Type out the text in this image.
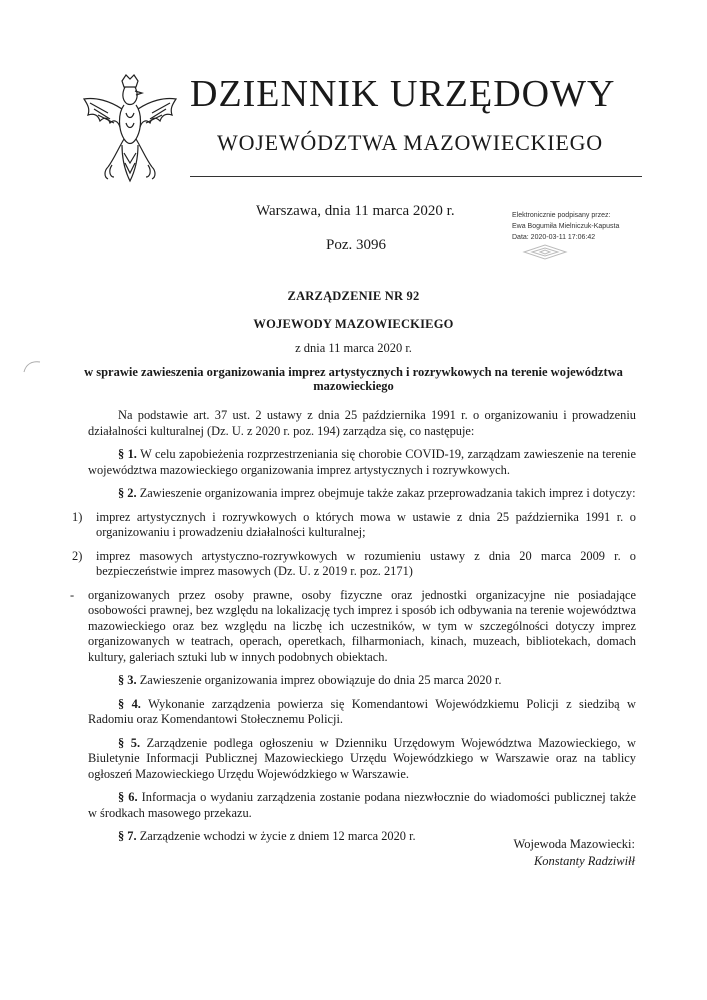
DZIENNIK URZĘDOWY
WOJEWÓDZTWA MAZOWIECKIEGO
Warszawa, dnia 11 marca 2020 r.
Poz. 3096
Elektronicznie podpisany przez:
Ewa Bogumiła Mielniczuk-Kapusta
Data: 2020-03-11 17:06:42
ZARZĄDZENIE NR 92
WOJEWODY MAZOWIECKIEGO
z dnia 11 marca 2020 r.
w sprawie zawieszenia organizowania imprez artystycznych i rozrywkowych na terenie województwa mazowieckiego

Na podstawie art. 37 ust. 2 ustawy z dnia 25 października 1991 r. o organizowaniu i prowadzeniu działalności kulturalnej (Dz. U. z 2020 r. poz. 194) zarządza się, co następuje:

§ 1. W celu zapobieżenia rozprzestrzeniania się chorobie COVID-19, zarządzam zawieszenie na terenie województwa mazowieckiego organizowania imprez artystycznych i rozrywkowych.

§ 2. Zawieszenie organizowania imprez obejmuje także zakaz przeprowadzania takich imprez i dotyczy:

1) imprez artystycznych i rozrywkowych o których mowa w ustawie z dnia 25 października 1991 r. o organizowaniu i prowadzeniu działalności kulturalnej;
2) imprez masowych artystyczno-rozrywkowych w rozumieniu ustawy z dnia 20 marca 2009 r. o bezpieczeństwie imprez masowych (Dz. U. z 2019 r. poz. 2171)
- organizowanych przez osoby prawne, osoby fizyczne oraz jednostki organizacyjne nie posiadające osobowości prawnej, bez względu na lokalizację tych imprez i sposób ich odbywania na terenie województwa mazowieckiego oraz bez względu na liczbę ich uczestników, w tym w szczególności dotyczy imprez organizowanych w teatrach, operach, operetkach, filharmoniach, kinach, muzeach, bibliotekach, domach kultury, galeriach sztuki lub w innych podobnych obiektach.

§ 3. Zawieszenie organizowania imprez obowiązuje do dnia 25 marca 2020 r.

§ 4. Wykonanie zarządzenia powierza się Komendantowi Wojewódzkiemu Policji z siedzibą w Radomiu oraz Komendantowi Stołecznemu Policji.

§ 5. Zarządzenie podlega ogłoszeniu w Dzienniku Urzędowym Województwa Mazowieckiego, w Biuletynie Informacji Publicznej Mazowieckiego Urzędu Wojewódzkiego w Warszawie oraz na tablicy ogłoszeń Mazowieckiego Urzędu Wojewódzkiego w Warszawie.

§ 6. Informacja o wydaniu zarządzenia zostanie podana niezwłocznie do wiadomości publicznej także w środkach masowego przekazu.

§ 7. Zarządzenie wchodzi w życie z dniem 12 marca 2020 r.

Wojewoda Mazowiecki:
Konstanty Radziwiłł
